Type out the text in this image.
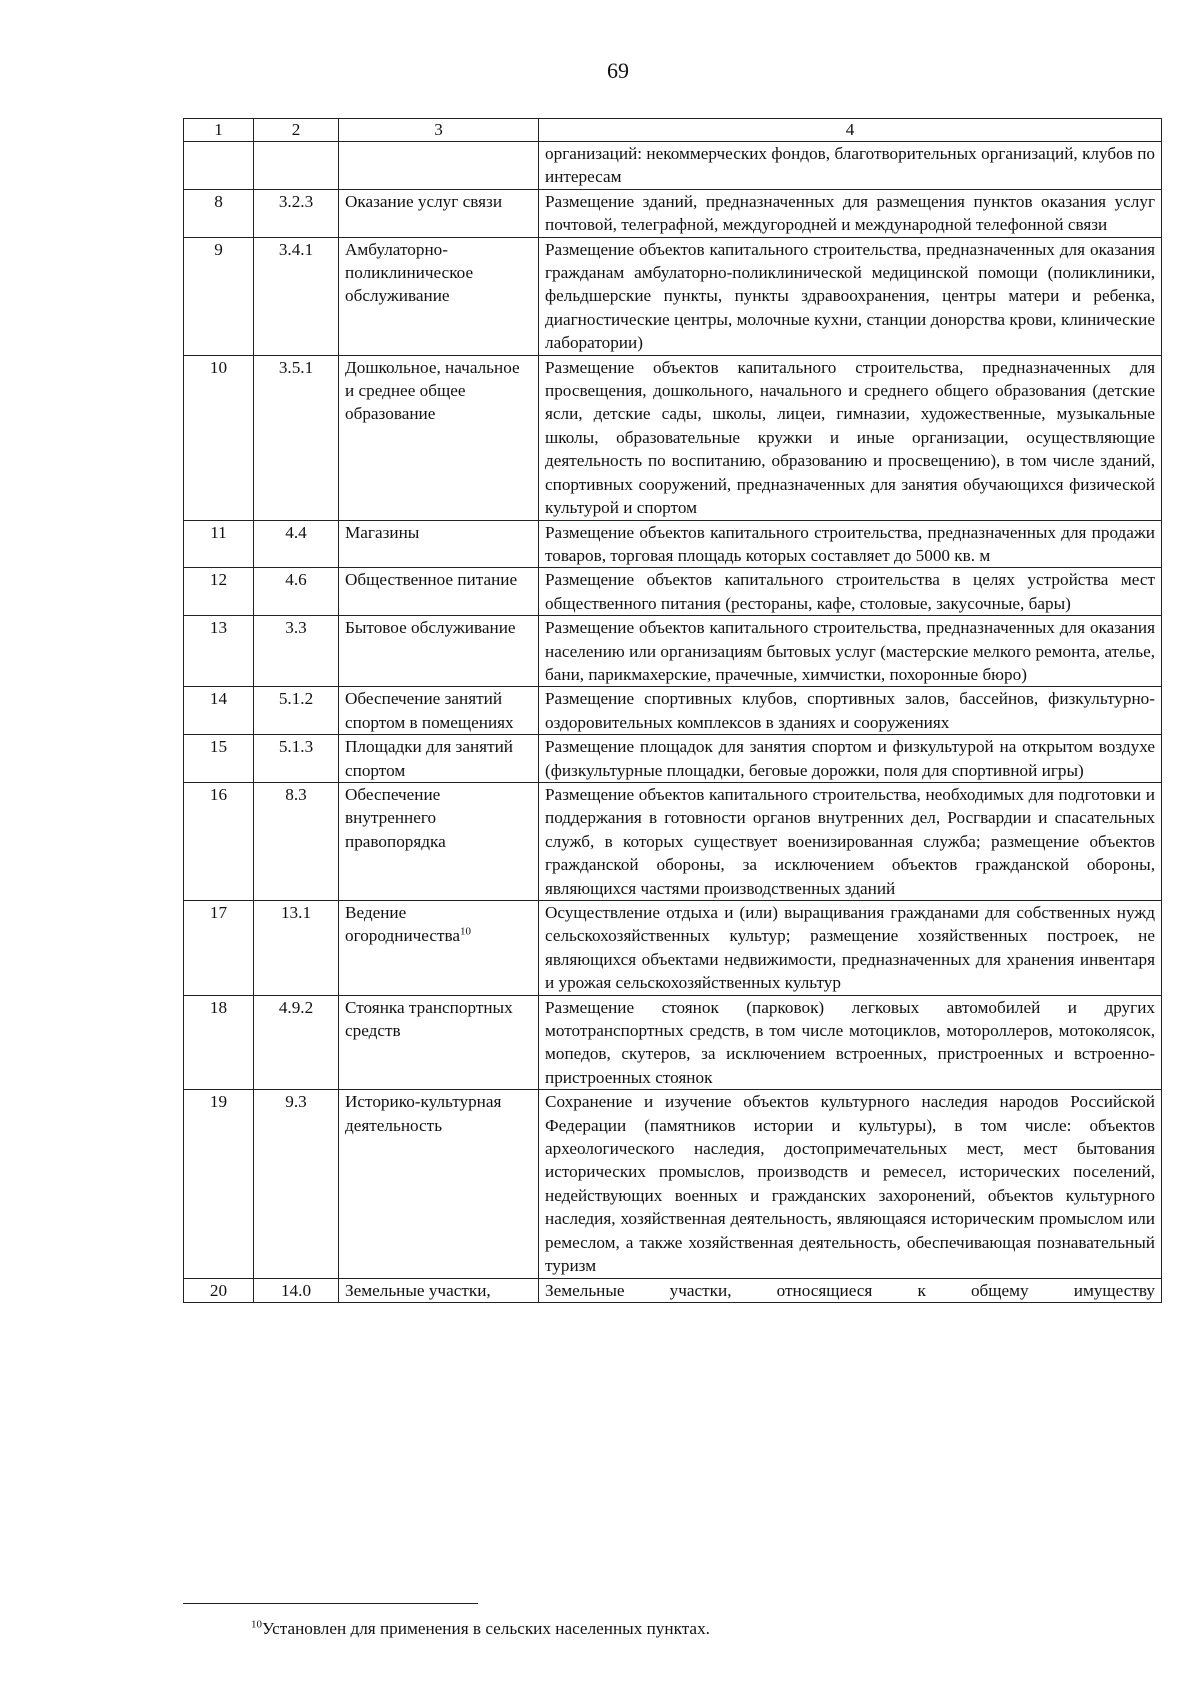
69
1	2	3	4
			организаций: некоммерческих фондов, благотворительных организаций, клубов по интересам
8	3.2.3	Оказание услуг связи	Размещение зданий, предназначенных для размещения пунктов оказания услуг почтовой, телеграфной, междугородней и международной телефонной связи
9	3.4.1	Амбулаторно-поликлиническое обслуживание	Размещение объектов капитального строительства, предназначенных для оказания гражданам амбулаторно-поликлинической медицинской помощи (поликлиники, фельдшерские пункты, пункты здравоохранения, центры матери и ребенка, диагностические центры, молочные кухни, станции донорства крови, клинические лаборатории)
10	3.5.1	Дошкольное, начальное и среднее общее образование	Размещение объектов капитального строительства, предназначенных для просвещения, дошкольного, начального и среднего общего образования (детские ясли, детские сады, школы, лицеи, гимназии, художественные, музыкальные школы, образовательные кружки и иные организации, осуществляющие деятельность по воспитанию, образованию и просвещению), в том числе зданий, спортивных сооружений, предназначенных для занятия обучающихся физической культурой и спортом
11	4.4	Магазины	Размещение объектов капитального строительства, предназначенных для продажи товаров, торговая площадь которых составляет до 5000 кв. м
12	4.6	Общественное питание	Размещение объектов капитального строительства в целях устройства мест общественного питания (рестораны, кафе, столовые, закусочные, бары)
13	3.3	Бытовое обслуживание	Размещение объектов капитального строительства, предназначенных для оказания населению или организациям бытовых услуг (мастерские мелкого ремонта, ателье, бани, парикмахерские, прачечные, химчистки, похоронные бюро)
14	5.1.2	Обеспечение занятий спортом в помещениях	Размещение спортивных клубов, спортивных залов, бассейнов, физкультурно-оздоровительных комплексов в зданиях и сооружениях
15	5.1.3	Площадки для занятий спортом	Размещение площадок для занятия спортом и физкультурой на открытом воздухе (физкультурные площадки, беговые дорожки, поля для спортивной игры)
16	8.3	Обеспечение внутреннего правопорядка	Размещение объектов капитального строительства, необходимых для подготовки и поддержания в готовности органов внутренних дел, Росгвардии и спасательных служб, в которых существует военизированная служба; размещение объектов гражданской обороны, за исключением объектов гражданской обороны, являющихся частями производственных зданий
17	13.1	Ведение огородничества$^{10}$	Осуществление отдыха и (или) выращивания гражданами для собственных нужд сельскохозяйственных культур; размещение хозяйственных построек, не являющихся объектами недвижимости, предназначенных для хранения инвентаря и урожая сельскохозяйственных культур
18	4.9.2	Стоянка транспортных средств	Размещение стоянок (парковок) легковых автомобилей и других мототранспортных средств, в том числе мотоциклов, мотороллеров, мотоколясок, мопедов, скутеров, за исключением встроенных, пристроенных и встроенно-пристроенных стоянок
19	9.3	Историко-культурная деятельность	Сохранение и изучение объектов культурного наследия народов Российской Федерации (памятников истории и культуры), в том числе: объектов археологического наследия, достопримечательных мест, мест бытования исторических промыслов, производств и ремесел, исторических поселений, недействующих военных и гражданских захоронений, объектов культурного наследия, хозяйственная деятельность, являющаяся историческим промыслом или ремеслом, а также хозяйственная деятельность, обеспечивающая познавательный туризм
20	14.0	Земельные участки,	Земельные участки, относящиеся к общему имуществу
$^{10}$Установлен для применения в сельских населенных пунктах.
